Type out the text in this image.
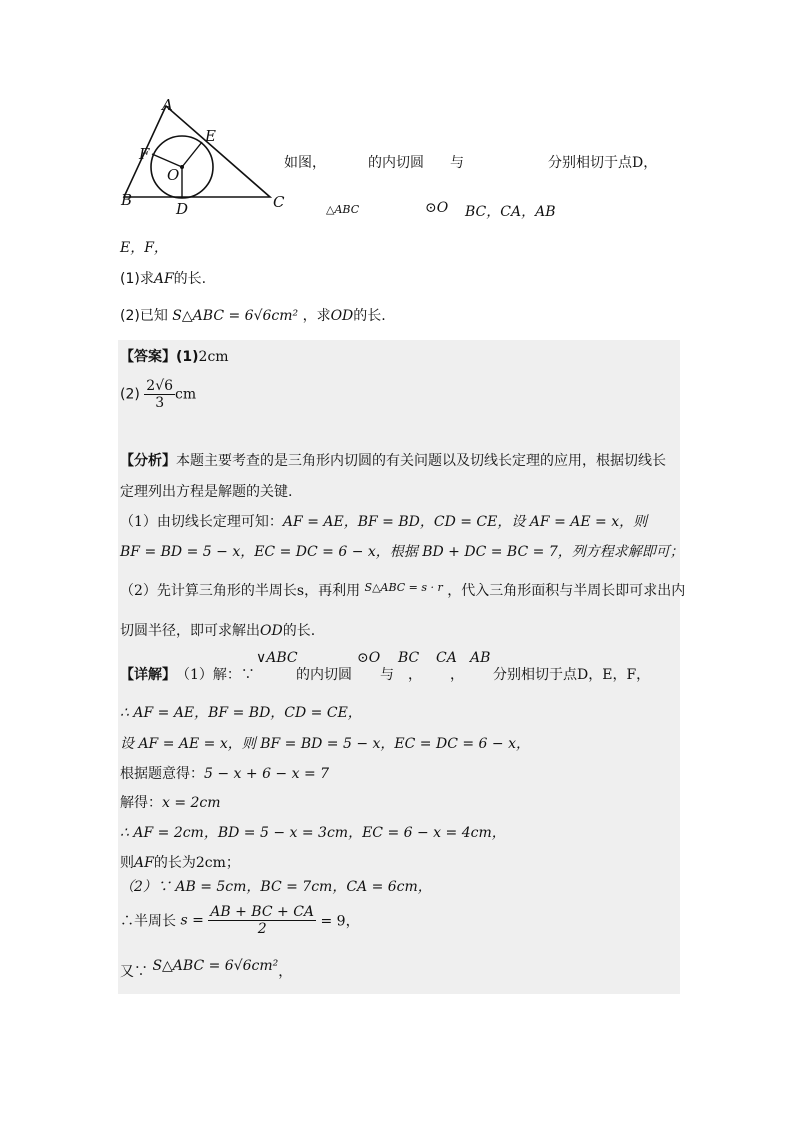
A
E
F
O
B	D	C
如图，	的内切圆 与	分别相切于点D，
△ABC	⊙O BC，CA，AB
E，F，
(1)求AF的长.
(2)已知 S△ABC = 6√6cm² ，求OD的长.
【答案】(1)2cm
$(2) \frac{2√6}{3}$ cm
【分析】本题主要考查的是三角形内切圆的有关问题以及切线长定理的应用，根据切线长
定理列出方程是解题的关键.
（1）由切线长定理可知：AF = AE，BF = BD，CD = CE，设 AF = AE = x，则
BF = BD = 5 − x，EC = DC = 6 − x，根据 BD + DC = BC = 7，列方程求解即可；
（2）先计算三角形的半周长s，再利用 $^{S\triangle ABC = s \cdot r}$ ，代入三角形面积与半周长即可求出内
切圆半径，即可求解出OD的长.
【详解】 （1）解：∵
∨ABC
的内切圆
⊙O
与
BC
，
CA
，
AB
分别相切于点D，E，F，
∴ AF = AE，BF = BD，CD = CE，
设 AF = AE = x，则 BF = BD = 5 − x，EC = DC = 6 − x，
根据题意得：5 − x + 6 − x = 7
解得：x = 2cm
∴ AF = 2cm，BD = 5 − x = 3cm，EC = 6 − x = 4cm，
则AF的长为2cm；
（2）∵ AB = 5cm，BC = 7cm，CA = 6cm，
∴半周长 $s = \frac{AB + BC + CA}{2} = 9$，
又∵ S△ABC = 6√6cm²，
